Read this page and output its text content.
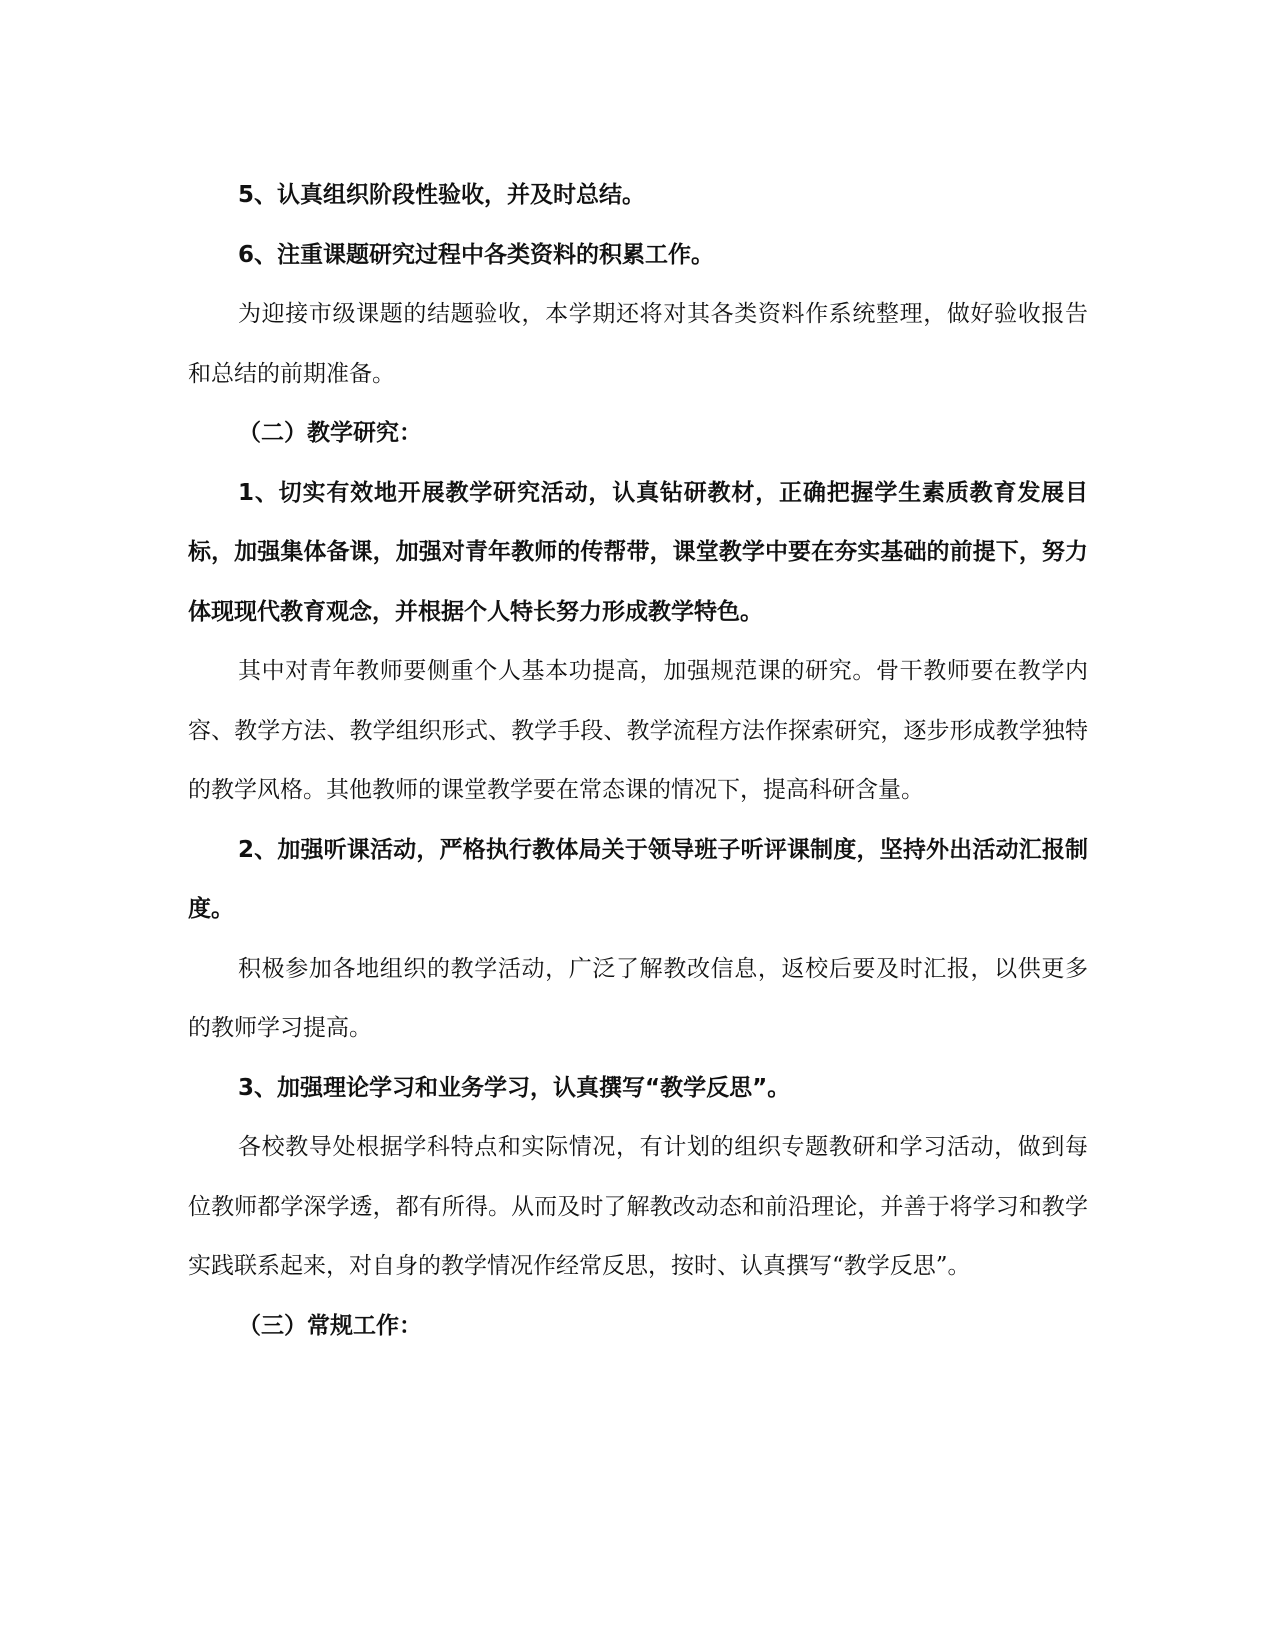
5、认真组织阶段性验收，并及时总结。

6、注重课题研究过程中各类资料的积累工作。

为迎接市级课题的结题验收，本学期还将对其各类资料作系统整理，做好验收报告和总结的前期准备。

（二）教学研究：

1、切实有效地开展教学研究活动，认真钻研教材，正确把握学生素质教育发展目标，加强集体备课，加强对青年教师的传帮带，课堂教学中要在夯实基础的前提下，努力体现现代教育观念，并根据个人特长努力形成教学特色。

其中对青年教师要侧重个人基本功提高，加强规范课的研究。骨干教师要在教学内容、教学方法、教学组织形式、教学手段、教学流程方法作探索研究，逐步形成教学独特的教学风格。其他教师的课堂教学要在常态课的情况下，提高科研含量。

2、加强听课活动，严格执行教体局关于领导班子听评课制度，坚持外出活动汇报制度。

积极参加各地组织的教学活动，广泛了解教改信息，返校后要及时汇报，以供更多的教师学习提高。

3、加强理论学习和业务学习，认真撰写“教学反思”。

各校教导处根据学科特点和实际情况，有计划的组织专题教研和学习活动，做到每位教师都学深学透，都有所得。从而及时了解教改动态和前沿理论，并善于将学习和教学实践联系起来，对自身的教学情况作经常反思，按时、认真撰写“教学反思”。

（三）常规工作：
